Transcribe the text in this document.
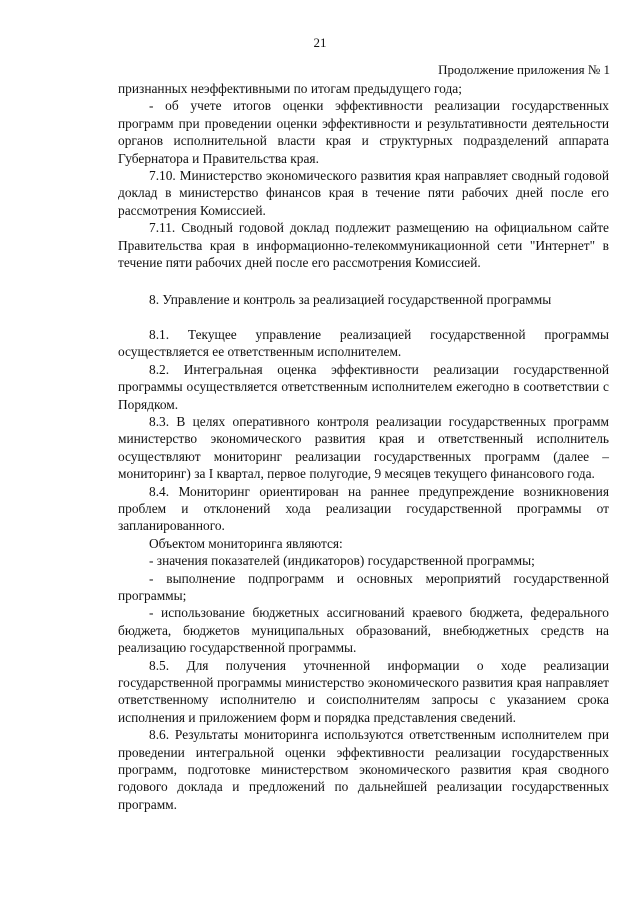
21
Продолжение приложения № 1

признанных неэффективными по итогам предыдущего года;

- об учете итогов оценки эффективности реализации государственных программ при проведении оценки эффективности и результативности деятельности органов исполнительной власти края и структурных подразделений аппарата Губернатора и Правительства края.

7.10. Министерство экономического развития края направляет сводный годовой доклад в министерство финансов края в течение пяти рабочих дней после его рассмотрения Комиссией.

7.11. Сводный годовой доклад подлежит размещению на официальном сайте Правительства края в информационно-телекоммуникационной сети "Интернет" в течение пяти рабочих дней после его рассмотрения Комиссией.

8. Управление и контроль за реализацией государственной программы

8.1. Текущее управление реализацией государственной программы осуществляется ее ответственным исполнителем.

8.2. Интегральная оценка эффективности реализации государственной программы осуществляется ответственным исполнителем ежегодно в соответствии с Порядком.

8.3. В целях оперативного контроля реализации государственных программ министерство экономического развития края и ответственный исполнитель осуществляют мониторинг реализации государственных программ (далее – мониторинг) за I квартал, первое полугодие, 9 месяцев текущего финансового года.

8.4. Мониторинг ориентирован на раннее предупреждение возникновения проблем и отклонений хода реализации государственной программы от запланированного.

Объектом мониторинга являются:

- значения показателей (индикаторов) государственной программы;

- выполнение подпрограмм и основных мероприятий государственной программы;

- использование бюджетных ассигнований краевого бюджета, федерального бюджета, бюджетов муниципальных образований, внебюджетных средств на реализацию государственной программы.

8.5. Для получения уточненной информации о ходе реализации государственной программы министерство экономического развития края направляет ответственному исполнителю и соисполнителям запросы с указанием срока исполнения и приложением форм и порядка представления сведений.

8.6. Результаты мониторинга используются ответственным исполнителем при проведении интегральной оценки эффективности реализации государственных программ, подготовке министерством экономического развития края сводного годового доклада и предложений по дальнейшей реализации государственных программ.
